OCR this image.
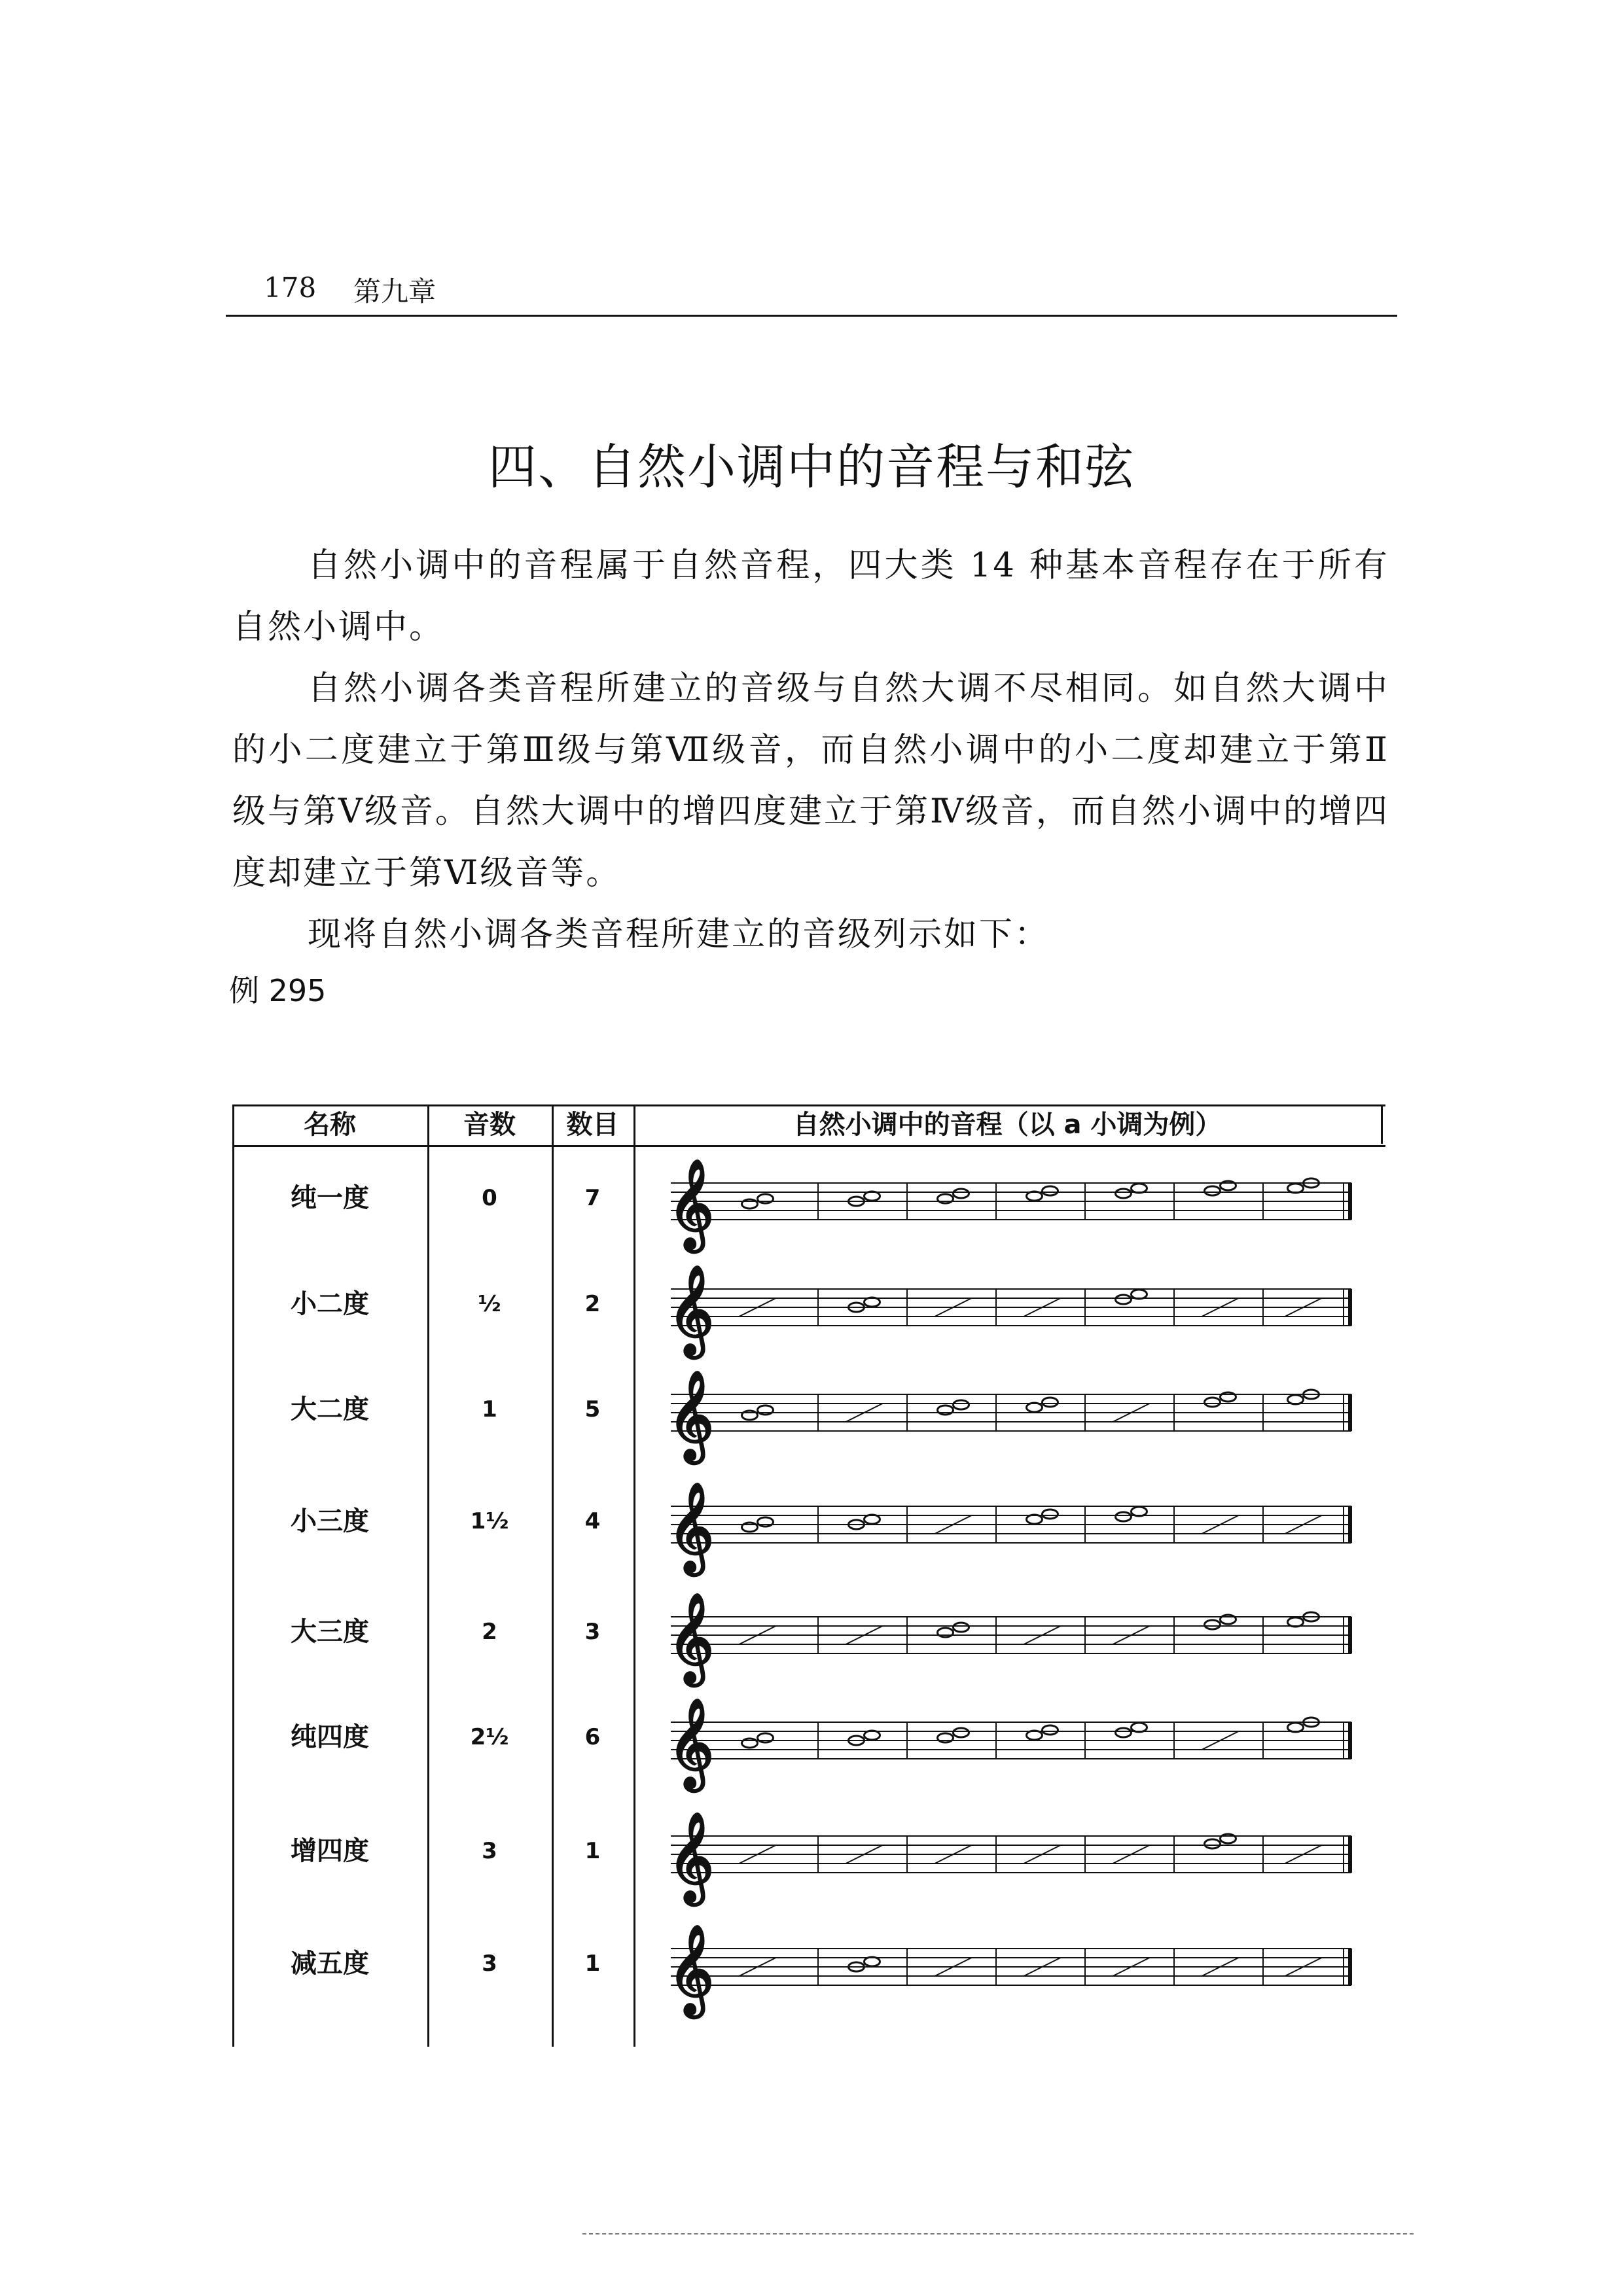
178 第九章
四、自然小调中的音程与和弦

自然小调中的音程属于自然音程，四大类 14 种基本音程存在于所有自然小调中。

自然小调各类音程所建立的音级与自然大调不尽相同。如自然大调中的小二度建立于第Ⅲ级与第Ⅶ级音，而自然小调中的小二度却建立于第Ⅱ级与第Ⅴ级音。自然大调中的增四度建立于第Ⅳ级音，而自然小调中的增四度却建立于第Ⅵ级音等。

现将自然小调各类音程所建立的音级列示如下：

例 295
名称	音数	数目	自然小调中的音程（以 a 小调为例）
纯一度	0	7 𝄞
小二度	½	2 𝄞
大二度	1	5 𝄞
小三度	1½	4 𝄞
大三度	2	3 𝄞
纯四度	2½	6 𝄞
增四度	3	1 𝄞
减五度	3	1 𝄞
